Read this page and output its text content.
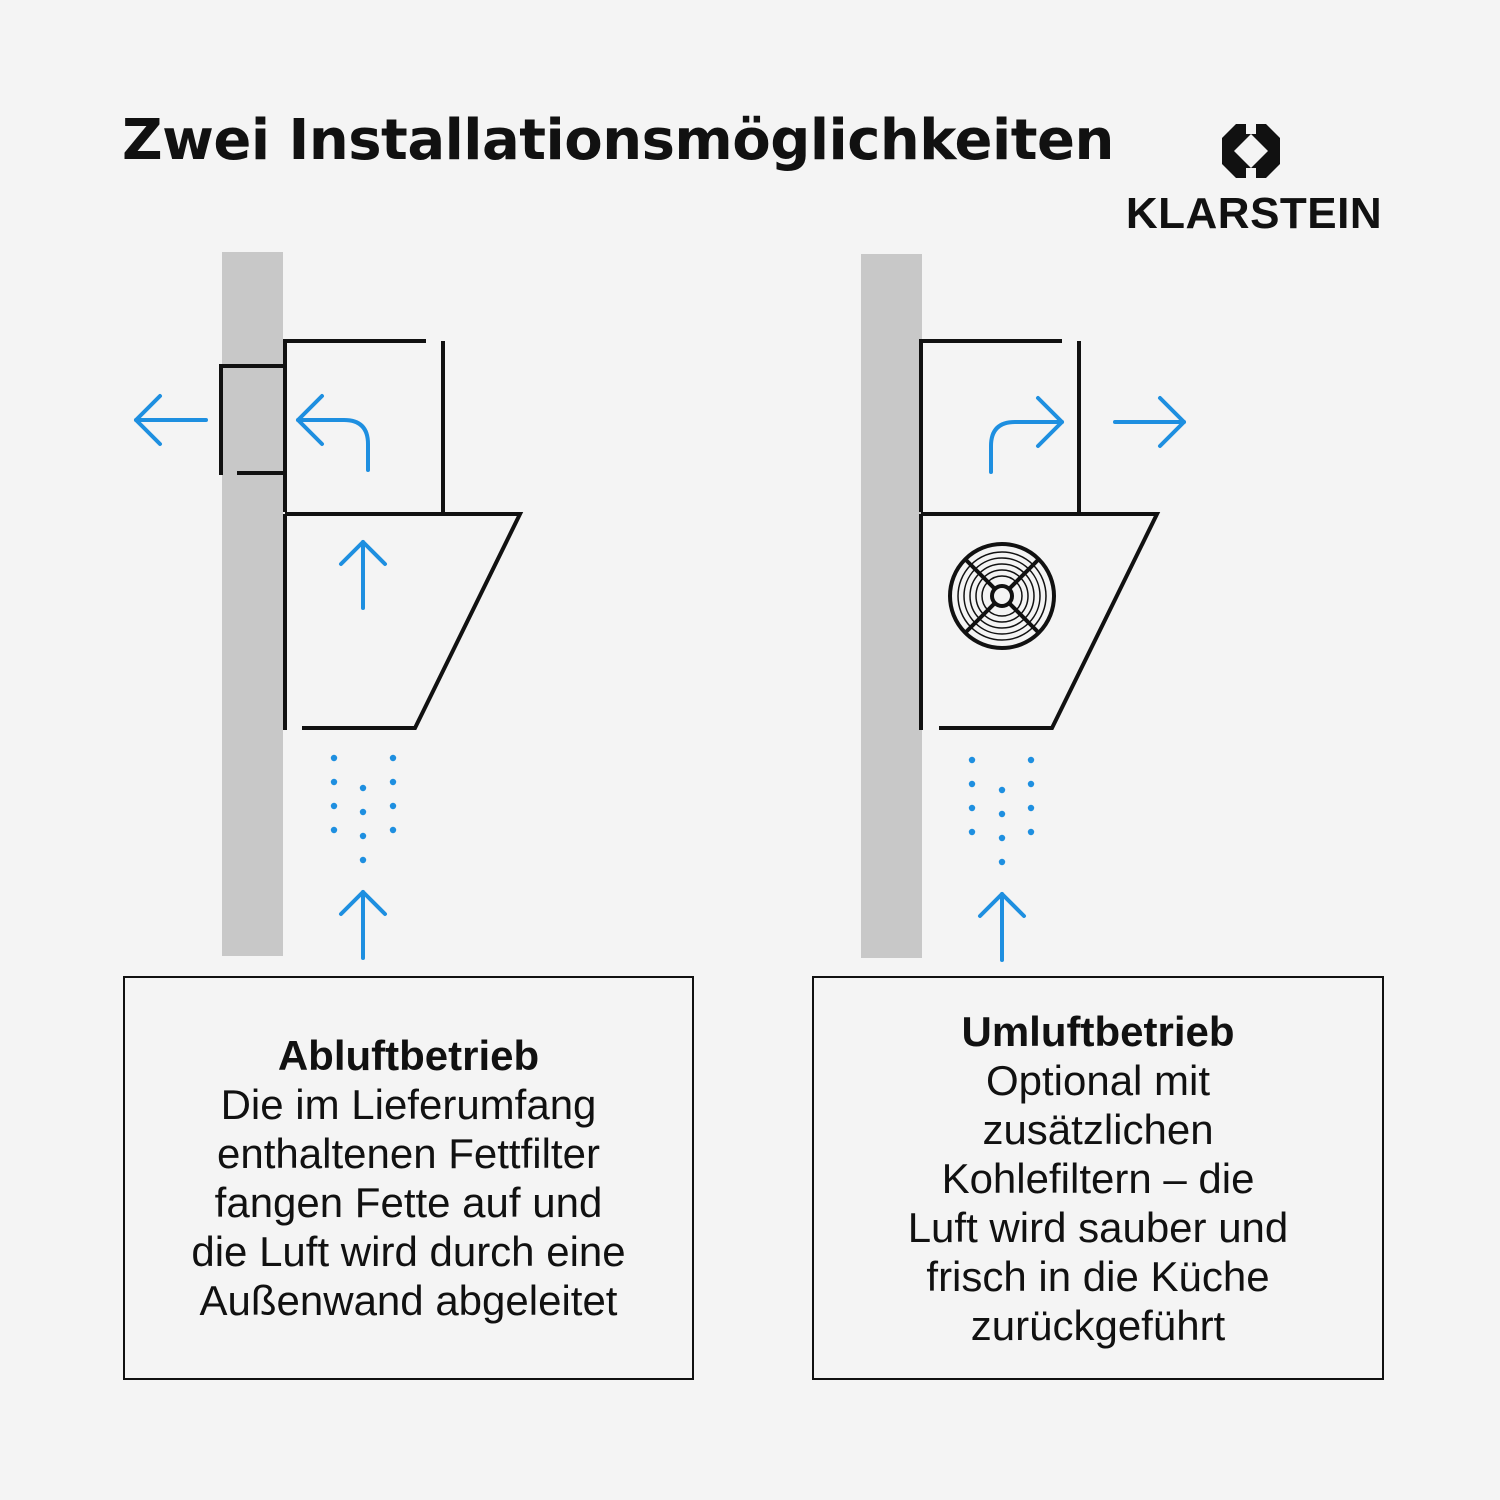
Zwei Installationsmöglichkeiten
KLARSTEIN
Abluftbetrieb
Die im Lieferumfang
enthaltenen Fettfilter
fangen Fette auf und
die Luft wird durch eine
Außenwand abgeleitet
Umluftbetrieb
Optional mit
zusätzlichen
Kohlefiltern – die
Luft wird sauber und
frisch in die Küche
zurückgeführt
